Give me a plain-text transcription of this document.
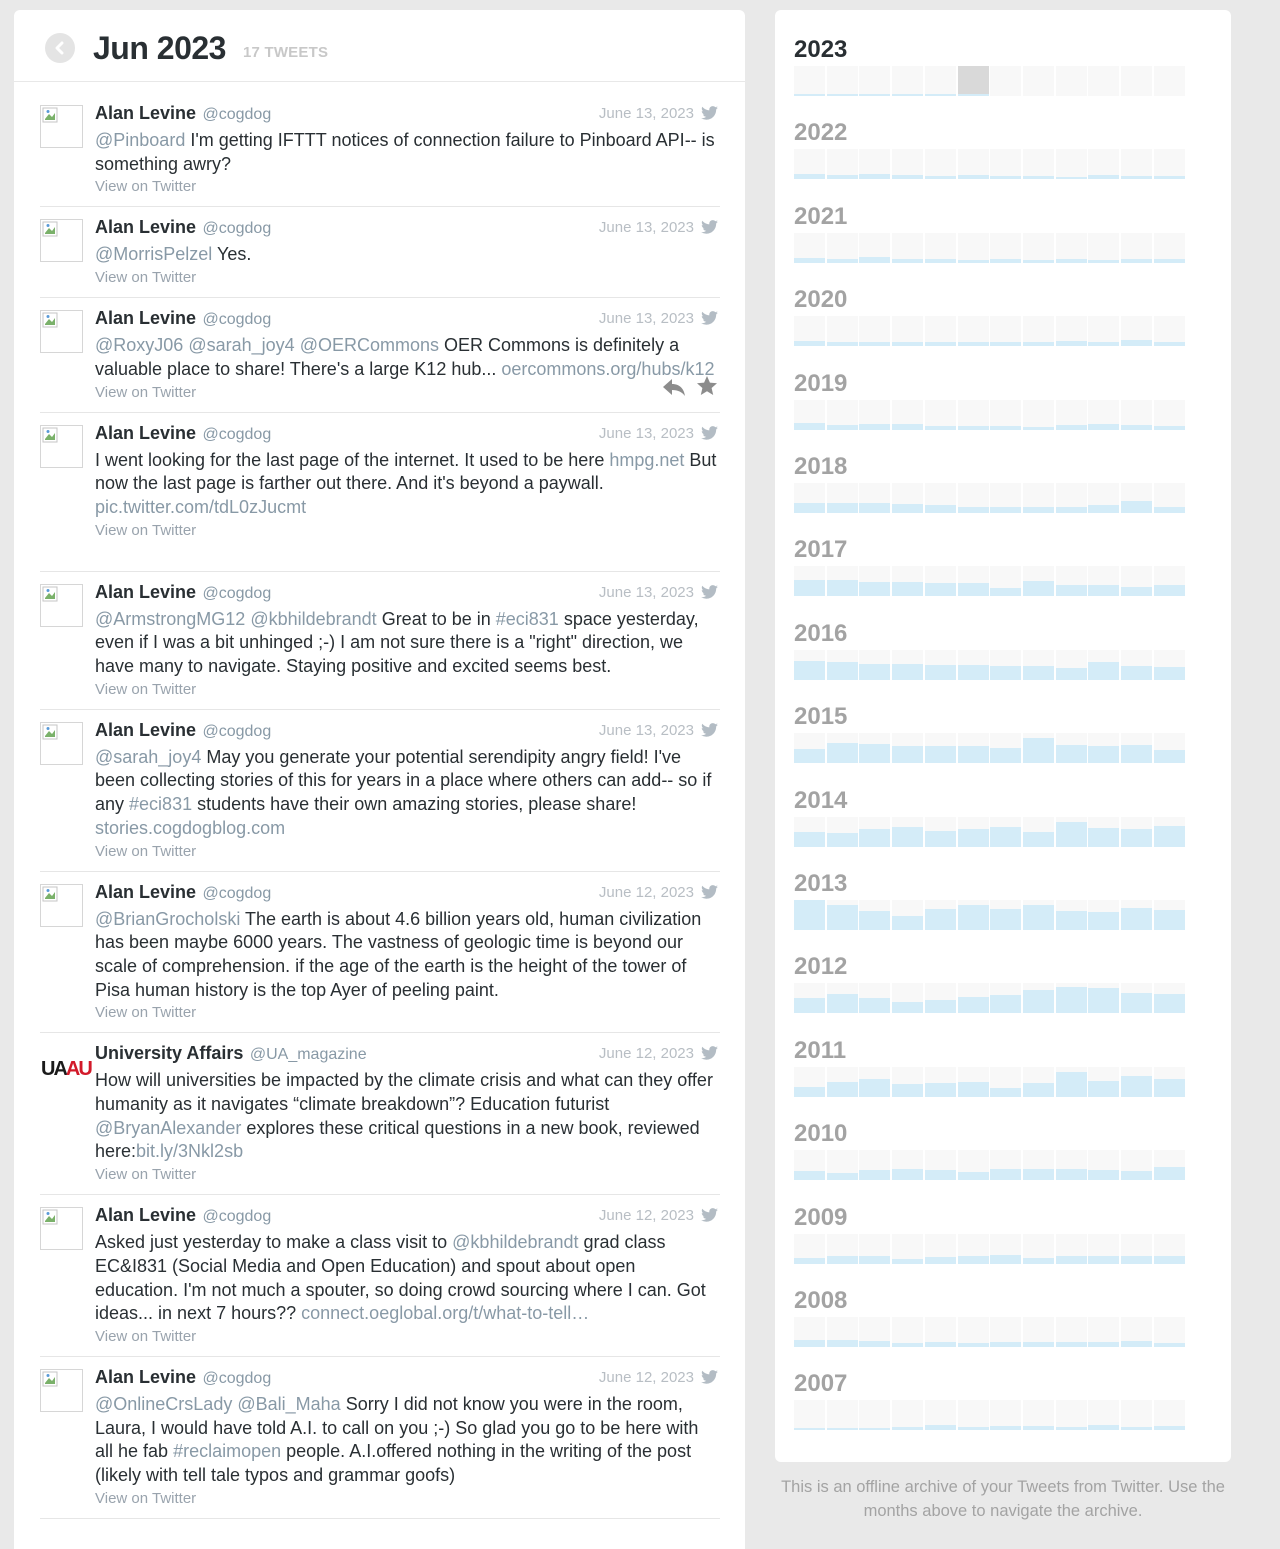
Jun 2023 17 TWEETS
Alan Levine @cogdog	June 13, 2023
@Pinboard I'm getting IFTTT notices of connection failure to Pinboard API-- is something awry?
View on Twitter
Alan Levine @cogdog	June 13, 2023
@MorrisPelzel Yes.
View on Twitter
Alan Levine @cogdog	June 13, 2023
@RoxyJ06 @sarah_joy4 @OERCommons OER Commons is definitely a valuable place to share! There's a large K12 hub... oercommons.org/hubs/k12
View on Twitter

Alan Levine @cogdog	June 13, 2023
I went looking for the last page of the internet. It used to be here hmpg.net But now the last page is farther out there. And it's beyond a paywall. pic.twitter.com/tdL0zJucmt
View on Twitter
Alan Levine @cogdog	June 13, 2023
@ArmstrongMG12 @kbhildebrandt Great to be in #eci831 space yesterday, even if I was a bit unhinged ;-) I am not sure there is a "right" direction, we have many to navigate. Staying positive and excited seems best.
View on Twitter
Alan Levine @cogdog	June 13, 2023
@sarah_joy4 May you generate your potential serendipity angry field! I've been collecting stories of this for years in a place where others can add-- so if any #eci831 students have their own amazing stories, please share! stories.cogdogblog.com
View on Twitter
Alan Levine @cogdog	June 12, 2023
@BrianGrocholski The earth is about 4.6 billion years old, human civilization has been maybe 6000 years. The vastness of geologic time is beyond our scale of comprehension. if the age of the earth is the height of the tower of Pisa human history is the top Ayer of peeling paint.
View on Twitter
UAAU
University Affairs @UA_magazine	June 12, 2023
How will universities be impacted by the climate crisis and what can they offer humanity as it navigates “climate breakdown”? Education futurist @BryanAlexander explores these critical questions in a new book, reviewed here:bit.ly/3Nkl2sb
View on Twitter
Alan Levine @cogdog	June 12, 2023
Asked just yesterday to make a class visit to @kbhildebrandt grad class EC&I831 (Social Media and Open Education) and spout about open education. I'm not much a spouter, so doing crowd sourcing where I can. Got ideas... in next 7 hours?? connect.oeglobal.org/t/what-to-tell…
View on Twitter
Alan Levine @cogdog	June 12, 2023
@OnlineCrsLady @Bali_Maha Sorry I did not know you were in the room, Laura, I would have told A.I. to call on you ;-) So glad you go to be here with all he fab #reclaimopen people. A.I.offered nothing in the writing of the post (likely with tell tale typos and grammar goofs)
View on Twitter
2023
2022
2021
2020
2019
2018
2017
2016
2015
2014
2013
2012
2011
2010
2009
2008
2007
This is an offline archive of your Tweets from Twitter. Use the months above to navigate the archive.
